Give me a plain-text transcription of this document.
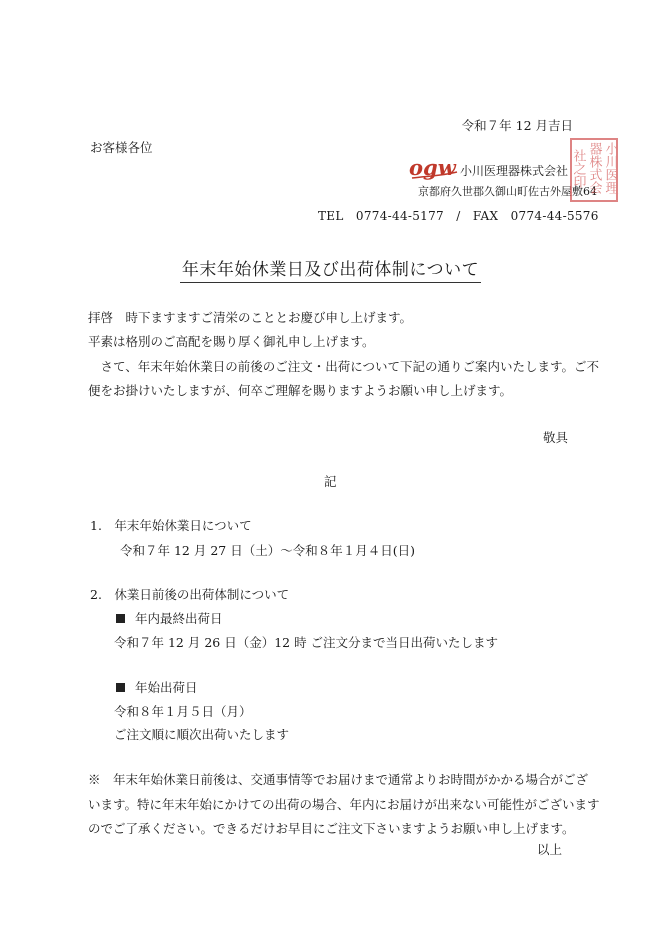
令和７年 12 月吉日
お客様各位
ogw 小川医理器株式会社
京都府久世郡久御山町佐古外屋敷64
TEL　0774-44-5177　/　FAX　0774-44-5576
小川医理
器株式会
社之印
年末年始休業日及び出荷体制について
拝啓　時下ますますご清栄のこととお慶び申し上げます。
平素は格別のご高配を賜り厚く御礼申し上げます。
　さて、年末年始休業日の前後のご注文・出荷について下記の通りご案内いたします。ご不
便をお掛けいたしますが、何卒ご理解を賜りますようお願い申し上げます。
敬具
記
1.　年末年始休業日について
令和７年 12 月 27 日（土）～令和８年１月４日(日)
2.　休業日前後の出荷体制について
年内最終出荷日
令和７年 12 月 26 日（金）12 時 ご注文分まで当日出荷いたします
年始出荷日
令和８年１月５日（月）
ご注文順に順次出荷いたします
※　年末年始休業日前後は、交通事情等でお届けまで通常よりお時間がかかる場合がござ
います。特に年末年始にかけての出荷の場合、年内にお届けが出来ない可能性がございます
のでご了承ください。できるだけお早目にご注文下さいますようお願い申し上げます。
以上
